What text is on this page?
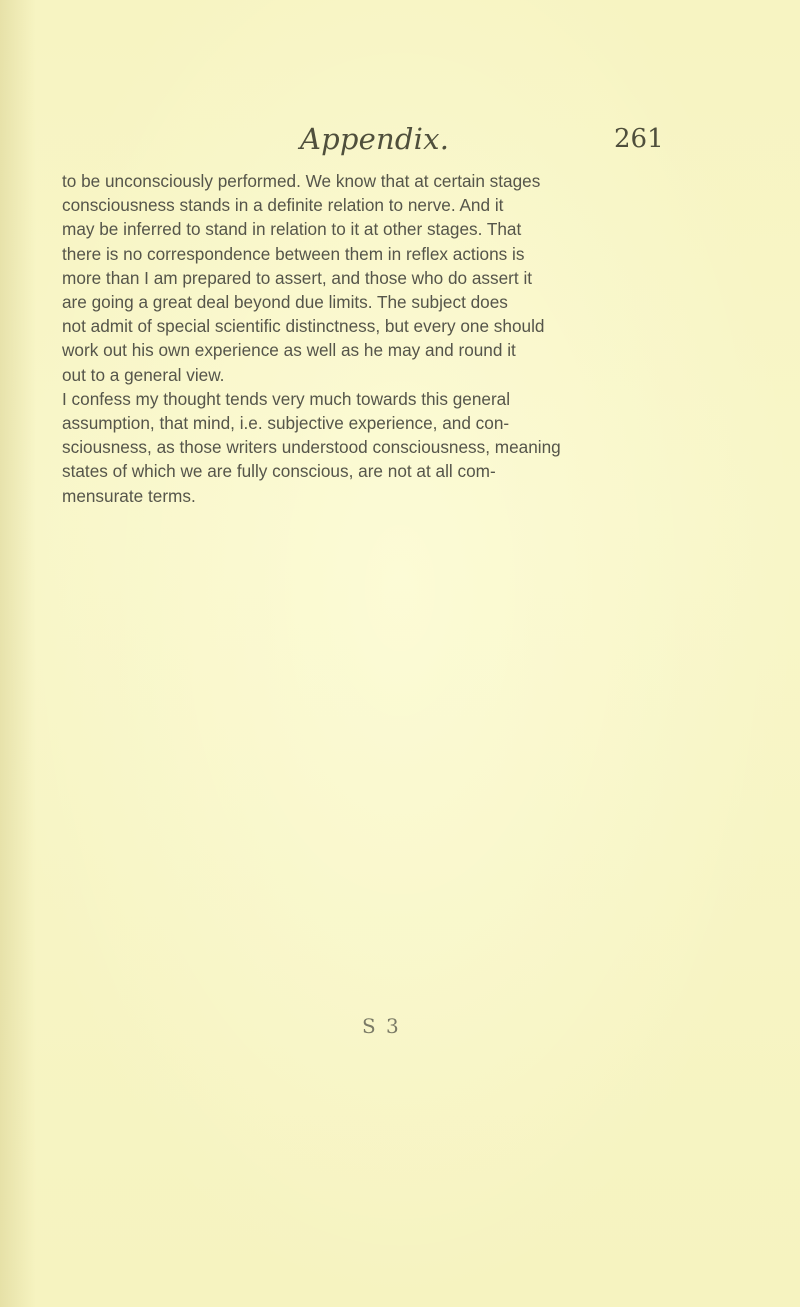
Appendix.	261
to be unconsciously performed. We know that at certain stages
consciousness stands in a definite relation to nerve. And it
may be inferred to stand in relation to it at other stages. That
there is no correspondence between them in reflex actions is
more than I am prepared to assert, and those who do assert it
are going a great deal beyond due limits. The subject does
not admit of special scientific distinctness, but every one should
work out his own experience as well as he may and round it
out to a general view.
I confess my thought tends very much towards this general
assumption, that mind, i.e. subjective experience, and con-
sciousness, as those writers understood consciousness, meaning
states of which we are fully conscious, are not at all com-
mensurate terms.
S 3
